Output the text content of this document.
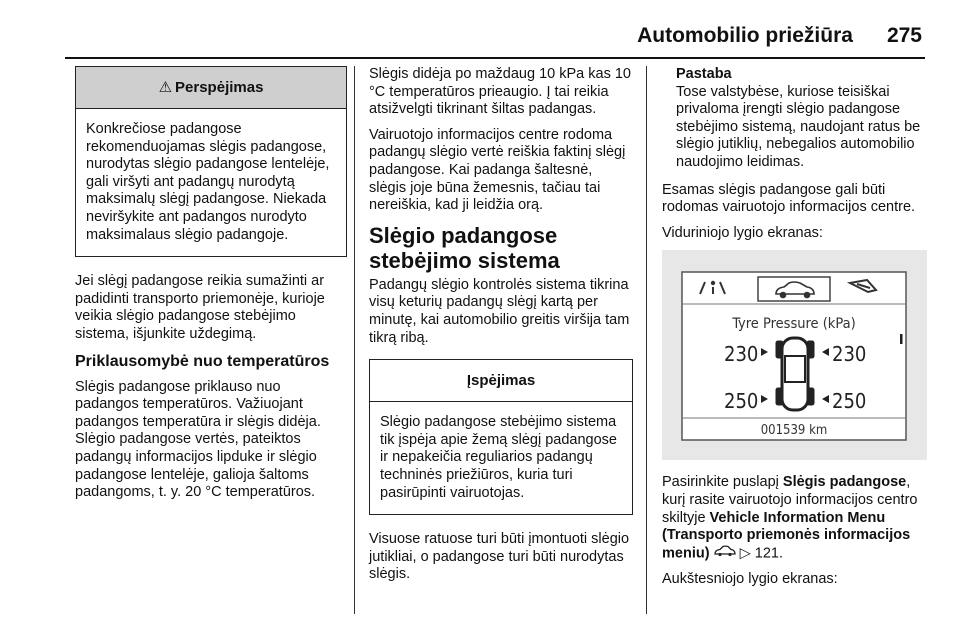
Automobilio priežiūra 275
⚠ Perspėjimas

Konkrečiose padangose rekomenduojamas slėgis padangose, nurodytas slėgio padangose lentelėje, gali viršyti ant padangų nurodytą maksimalų slėgį padangose. Niekada neviršykite ant padangos nurodyto maksimalaus slėgio padangoje.

Jei slėgį padangose reikia sumažinti ar padidinti transporto priemonėje, kurioje veikia slėgio padangose stebėjimo sistema, išjunkite uždegimą.

Priklausomybė nuo temperatūros

Slėgis padangose priklauso nuo padangos temperatūros. Važiuojant padangos temperatūra ir slėgis didėja. Slėgio padangose vertės, pateiktos padangų informacijos lipduke ir slėgio padangose lentelėje, galioja šaltoms padangoms, t. y. 20 °C temperatūros.

Slėgis didėja po maždaug 10 kPa kas 10 °C temperatūros prieaugio. Į tai reikia atsižvelgti tikrinant šiltas padangas.

Vairuotojo informacijos centre rodoma padangų slėgio vertė reiškia faktinį slėgį padangose. Kai padanga šaltesnė, slėgis joje būna žemesnis, tačiau tai nereiškia, kad ji leidžia orą.

Slėgio padangose stebėjimo sistema

Padangų slėgio kontrolės sistema tikrina visų keturių padangų slėgį kartą per minutę, kai automobilio greitis viršija tam tikrą ribą.

Įspėjimas

Slėgio padangose stebėjimo sistema tik įspėja apie žemą slėgį padangose ir nepakeičia reguliarios padangų techninės priežiūros, kuria turi pasirūpinti vairuotojas.

Visuose ratuose turi būti įmontuoti slėgio jutikliai, o padangose turi būti nurodytas slėgis.

Pastaba

Tose valstybėse, kuriose teisiškai privaloma įrengti slėgio padangose stebėjimo sistemą, naudojant ratus be slėgio jutiklių, nebegalios automobilio naudojimo leidimas.

Esamas slėgis padangose gali būti rodomas vairuotojo informacijos centre.

Viduriniojo lygio ekranas:

Tyre Pressure (kPa)
230	230
250	250
001539 km

Pasirinkite puslapį Slėgis padangose, kurį rasite vairuotojo informacijos centro skiltyje Vehicle Information Menu (Transporto priemonės informacijos meniu) ▷ 121.

Aukštesniojo lygio ekranas:
